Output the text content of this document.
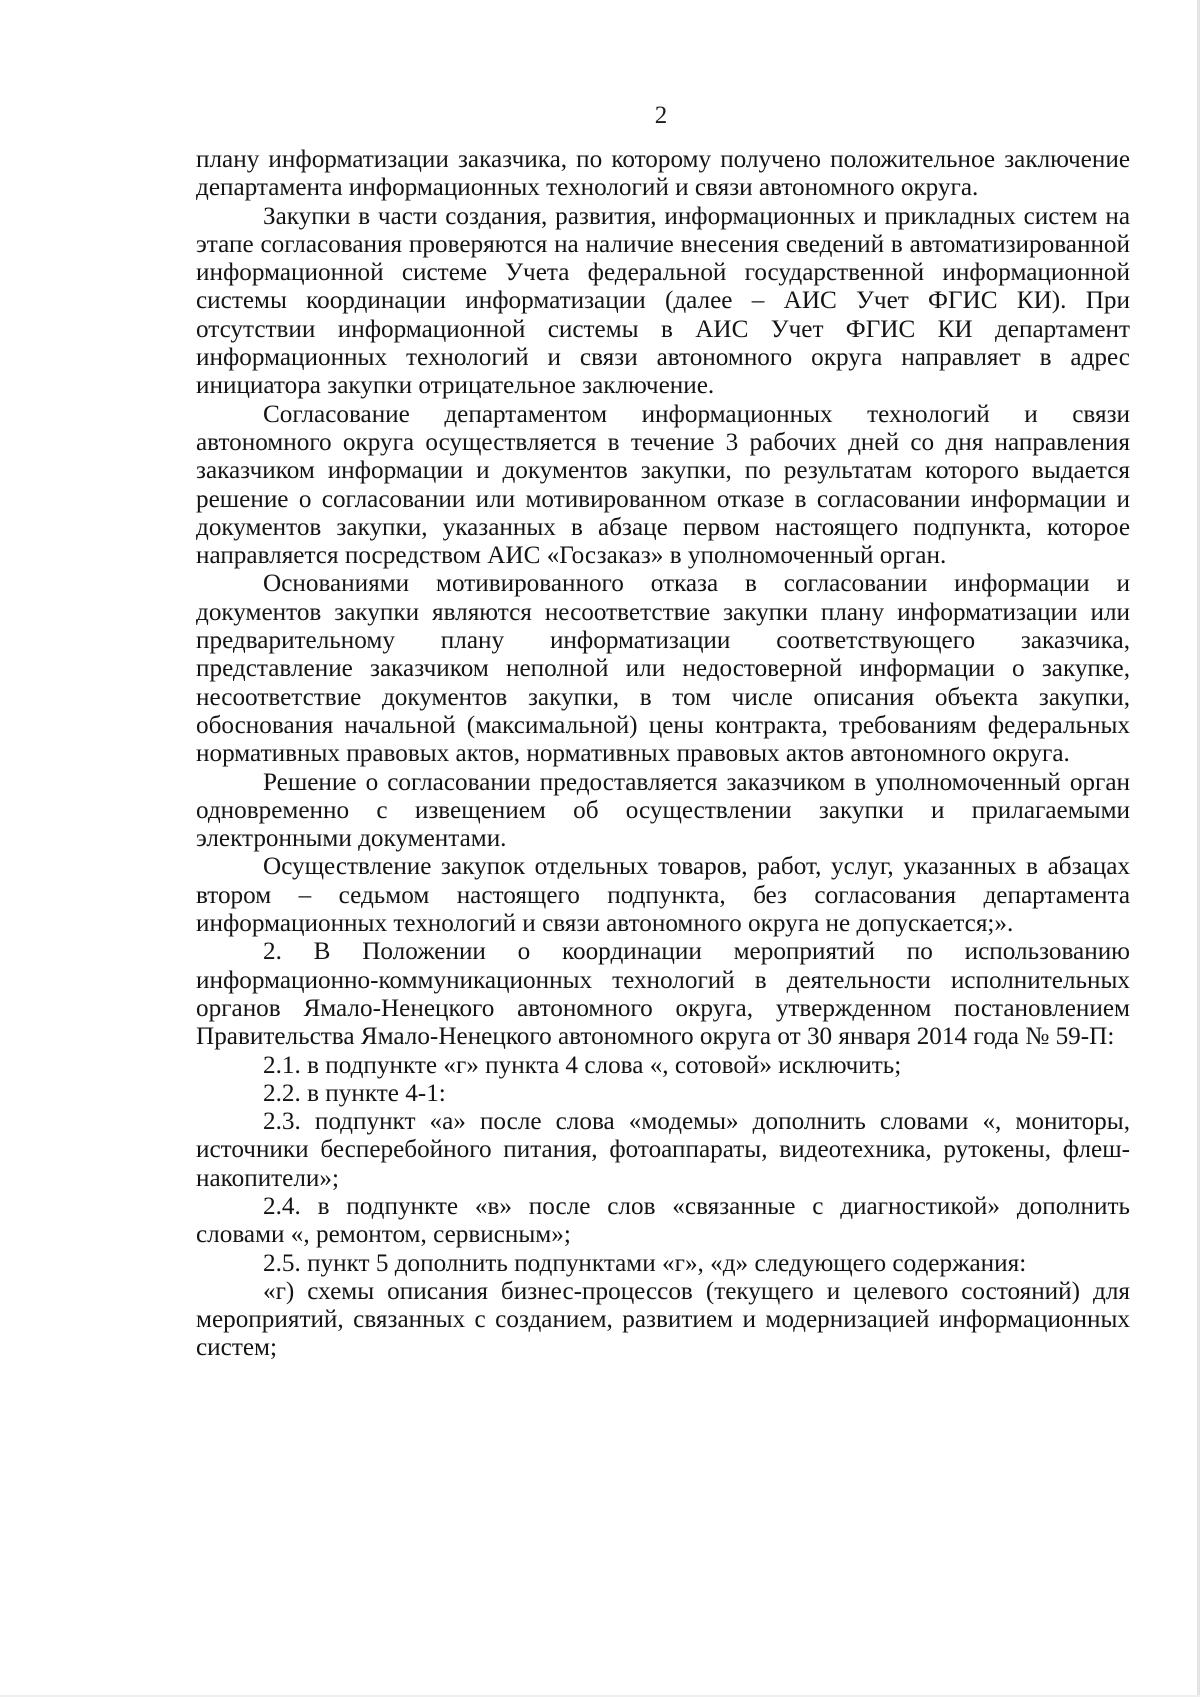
2

плану информатизации заказчика, по которому получено положительное заключение департамента информационных технологий и связи автономного округа.

Закупки в части создания, развития, информационных и прикладных систем на этапе согласования проверяются на наличие внесения сведений в автоматизированной информационной системе Учета федеральной государственной информационной системы координации информатизации (далее – АИС Учет ФГИС КИ). При отсутствии информационной системы в АИС Учет ФГИС КИ департамент информационных технологий и связи автономного округа направляет в адрес инициатора закупки отрицательное заключение.

Согласование департаментом информационных технологий и связи автономного округа осуществляется в течение 3 рабочих дней со дня направления заказчиком информации и документов закупки, по результатам которого выдается решение о согласовании или мотивированном отказе в согласовании информации и документов закупки, указанных в абзаце первом настоящего подпункта, которое направляется посредством АИС «Госзаказ» в уполномоченный орган.

Основаниями мотивированного отказа в согласовании информации и документов закупки являются несоответствие закупки плану информатизации или предварительному плану информатизации соответствующего заказчика, представление заказчиком неполной или недостоверной информации о закупке, несоответствие документов закупки, в том числе описания объекта закупки, обоснования начальной (максимальной) цены контракта, требованиям федеральных нормативных правовых актов, нормативных правовых актов автономного округа.

Решение о согласовании предоставляется заказчиком в уполномоченный орган одновременно с извещением об осуществлении закупки и прилагаемыми электронными документами.

Осуществление закупок отдельных товаров, работ, услуг, указанных в абзацах втором – седьмом настоящего подпункта, без согласования департамента информационных технологий и связи автономного округа не допускается;».

2. В Положении о координации мероприятий по использованию информационно-коммуникационных технологий в деятельности исполнительных органов Ямало-Ненецкого автономного округа, утвержденном постановлением Правительства Ямало-Ненецкого автономного округа от 30 января 2014 года № 59-П:

2.1. в подпункте «г» пункта 4 слова «, сотовой» исключить;

2.2. в пункте 4-1:

2.3. подпункт «а» после слова «модемы» дополнить словами «, мониторы, источники бесперебойного питания, фотоаппараты, видеотехника, рутокены, флеш-накопители»;

2.4. в подпункте «в» после слов «связанные с диагностикой» дополнить словами «, ремонтом, сервисным»;

2.5. пункт 5 дополнить подпунктами «г», «д» следующего содержания:

«г) схемы описания бизнес-процессов (текущего и целевого состояний) для мероприятий, связанных с созданием, развитием и модернизацией информационных систем;
